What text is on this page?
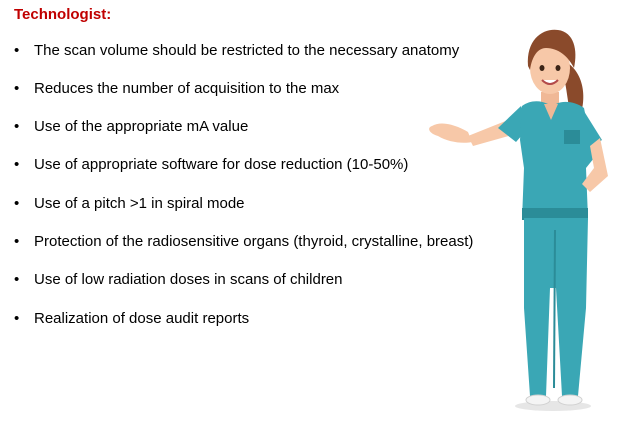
Technologist:
• The scan volume should be restricted to the necessary anatomy
• Reduces the number of acquisition to the max
• Use of the appropriate mA value
• Use of appropriate software for dose reduction (10-50%)
• Use of a pitch >1 in spiral mode
• Protection of the radiosensitive organs (thyroid, crystalline, breast)
• Use of low radiation doses in scans of children
• Realization of dose audit reports
